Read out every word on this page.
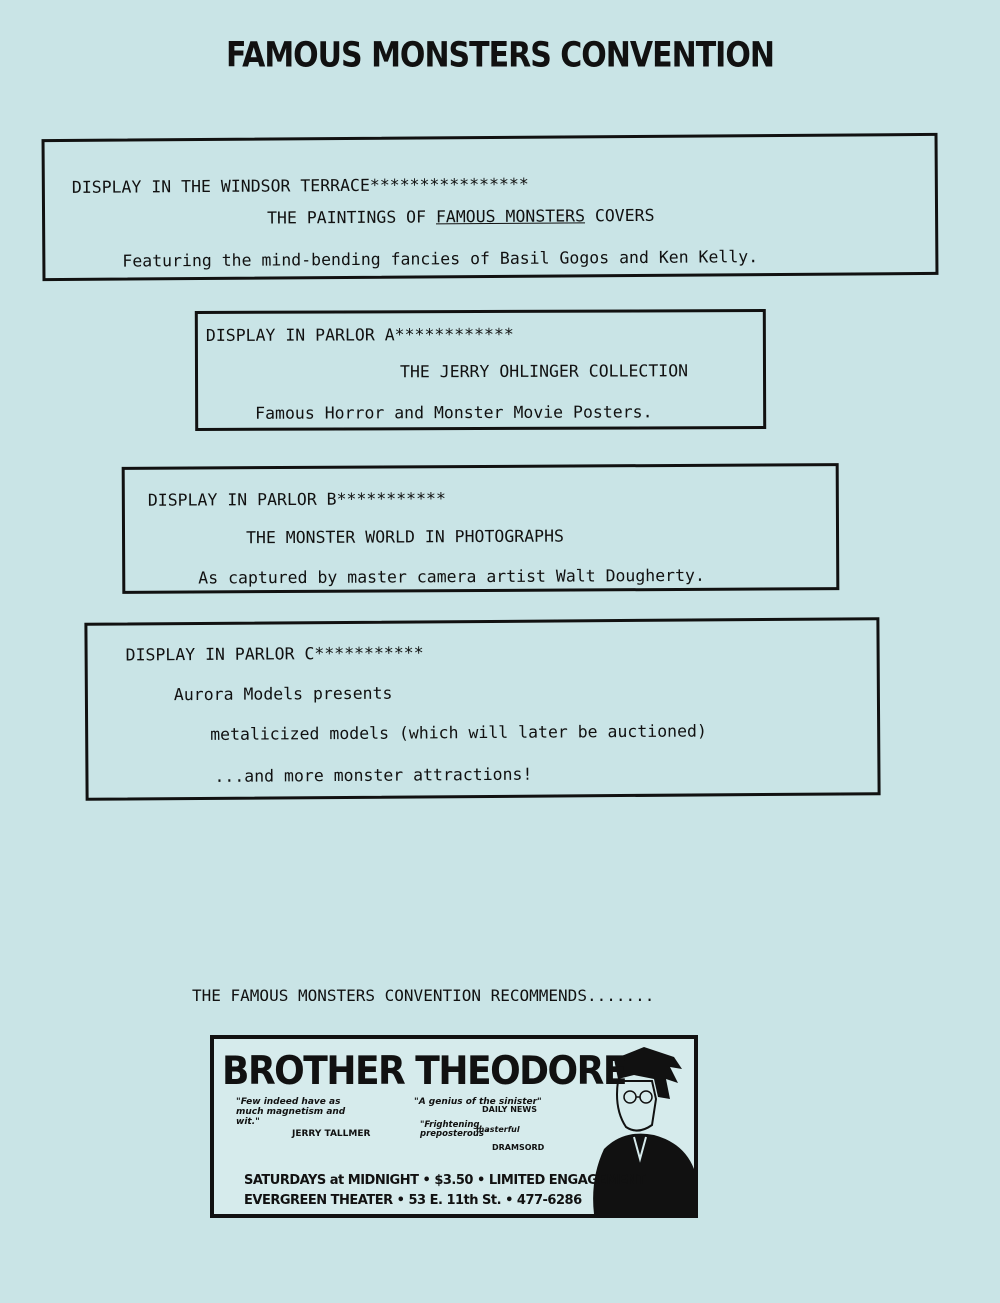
FAMOUS MONSTERS CONVENTION
DISPLAY IN THE WINDSOR TERRACE****************
THE PAINTINGS OF FAMOUS MONSTERS COVERS
Featuring the mind-bending fancies of Basil Gogos and Ken Kelly.
DISPLAY IN PARLOR A************
THE JERRY OHLINGER COLLECTION
Famous Horror and Monster Movie Posters.
DISPLAY IN PARLOR B***********
THE MONSTER WORLD IN PHOTOGRAPHS
As captured by master camera artist Walt Dougherty.
DISPLAY IN PARLOR C***********
Aurora Models presents
metalicized models (which will later be auctioned)
...and more monster attractions!
THE FAMOUS MONSTERS CONVENTION RECOMMENDS.......
BROTHER THEODORE
"Few indeed have as much magnetism and wit."
JERRY TALLMER
"A genius of the sinister"
DAILY NEWS
"Frightening, preposterous"
masterful
DRAMSORD
SATURDAYS at MIDNIGHT • $3.50 • LIMITED ENGAGEMENT
EVERGREEN THEATER • 53 E. 11th St. • 477-6286
